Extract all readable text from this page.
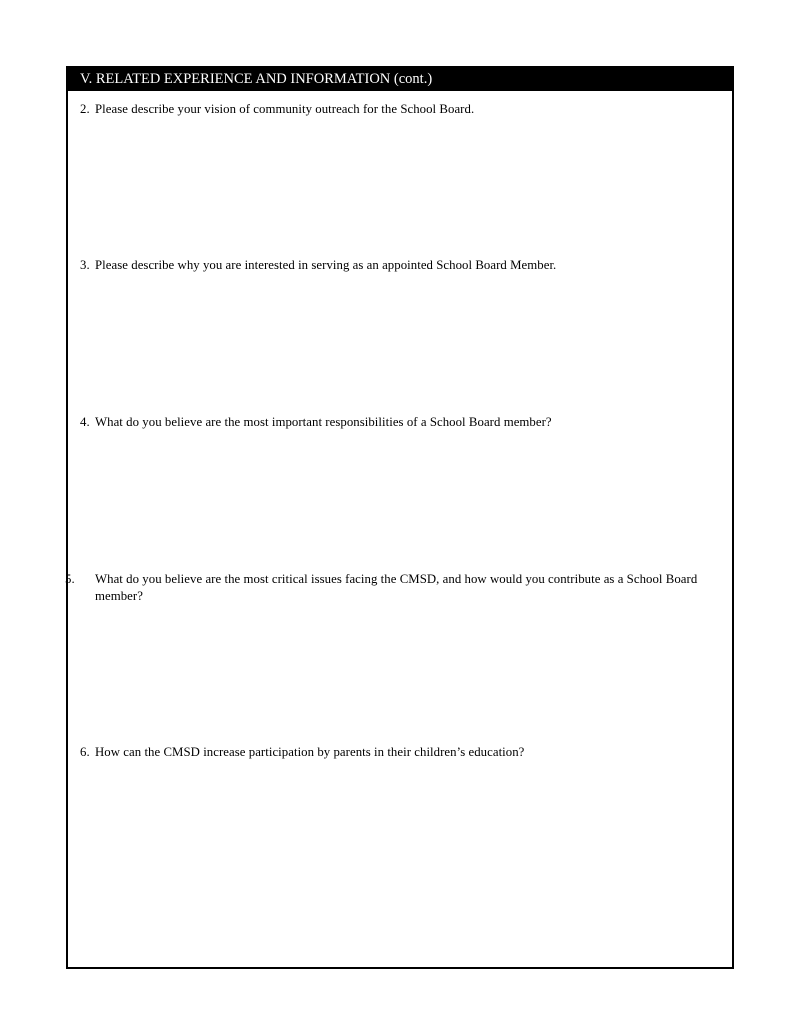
V. RELATED EXPERIENCE AND INFORMATION (cont.)
2. Please describe your vision of community outreach for the School Board.
3. Please describe why you are interested in serving as an appointed School Board Member.
4. What do you believe are the most important responsibilities of a School Board member?
5. What do you believe are the most critical issues facing the CMSD, and how would you contribute as a School Board member?
6. How can the CMSD increase participation by parents in their children’s education?
